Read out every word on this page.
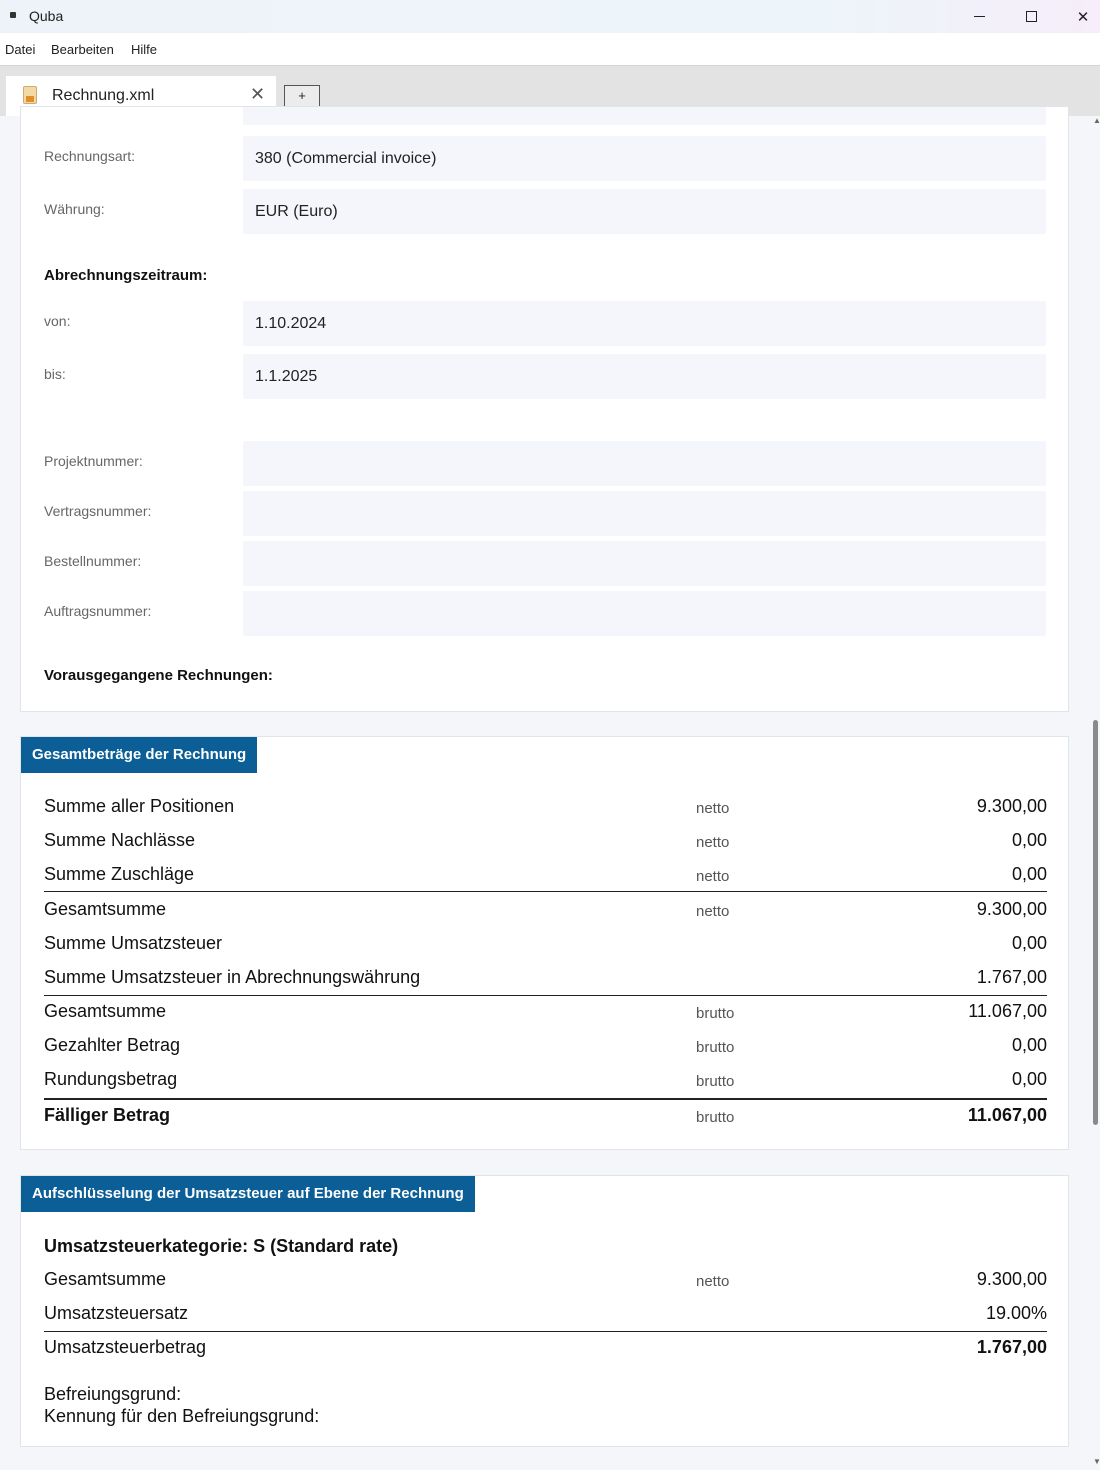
Quba	✕
Datei Bearbeiten Hilfe
Rechnung.xml	✕	+
Rechnungsart:	380 (Commercial invoice)
Währung:	EUR (Euro)
Abrechnungszeitraum:
von:	1.10.2024
bis:	1.1.2025
Projektnummer:
Vertragsnummer:
Bestellnummer:
Auftragsnummer:
Vorausgegangene Rechnungen:
Gesamtbeträge der Rechnung
Summe aller Positionen	netto	9.300,00
Summe Nachlässe	netto	0,00
Summe Zuschläge	netto	0,00
Gesamtsumme	netto	9.300,00
Summe Umsatzsteuer	0,00
Summe Umsatzsteuer in Abrechnungswährung	1.767,00
Gesamtsumme	brutto	11.067,00
Gezahlter Betrag	brutto	0,00
Rundungsbetrag	brutto	0,00
Fälliger Betrag	brutto	11.067,00
Aufschlüsselung der Umsatzsteuer auf Ebene der Rechnung
Umsatzsteuerkategorie: S (Standard rate)
Gesamtsumme	netto	9.300,00
Umsatzsteuersatz	19.00%
Umsatzsteuerbetrag	1.767,00
Befreiungsgrund:
Kennung für den Befreiungsgrund:
▲
▼
